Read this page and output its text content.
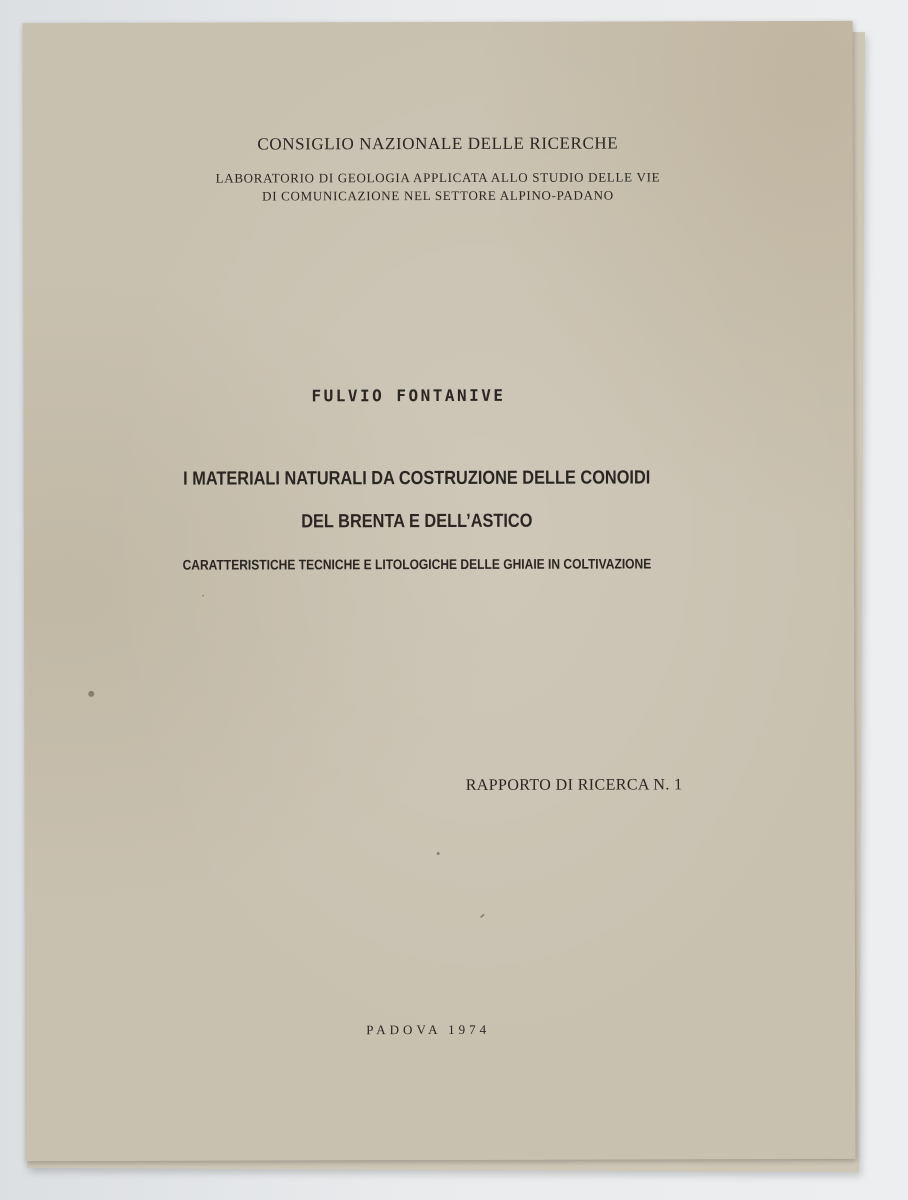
CONSIGLIO NAZIONALE DELLE RICERCHE
LABORATORIO DI GEOLOGIA APPLICATA ALLO STUDIO DELLE VIE
DI COMUNICAZIONE NEL SETTORE ALPINO-PADANO
FULVIO FONTANIVE
I MATERIALI NATURALI DA COSTRUZIONE DELLE CONOIDI
DEL BRENTA E DELL’ASTICO
CARATTERISTICHE TECNICHE E LITOLOGICHE DELLE GHIAIE IN COLTIVAZIONE
RAPPORTO DI RICERCA N. 1
PADOVA 1974
